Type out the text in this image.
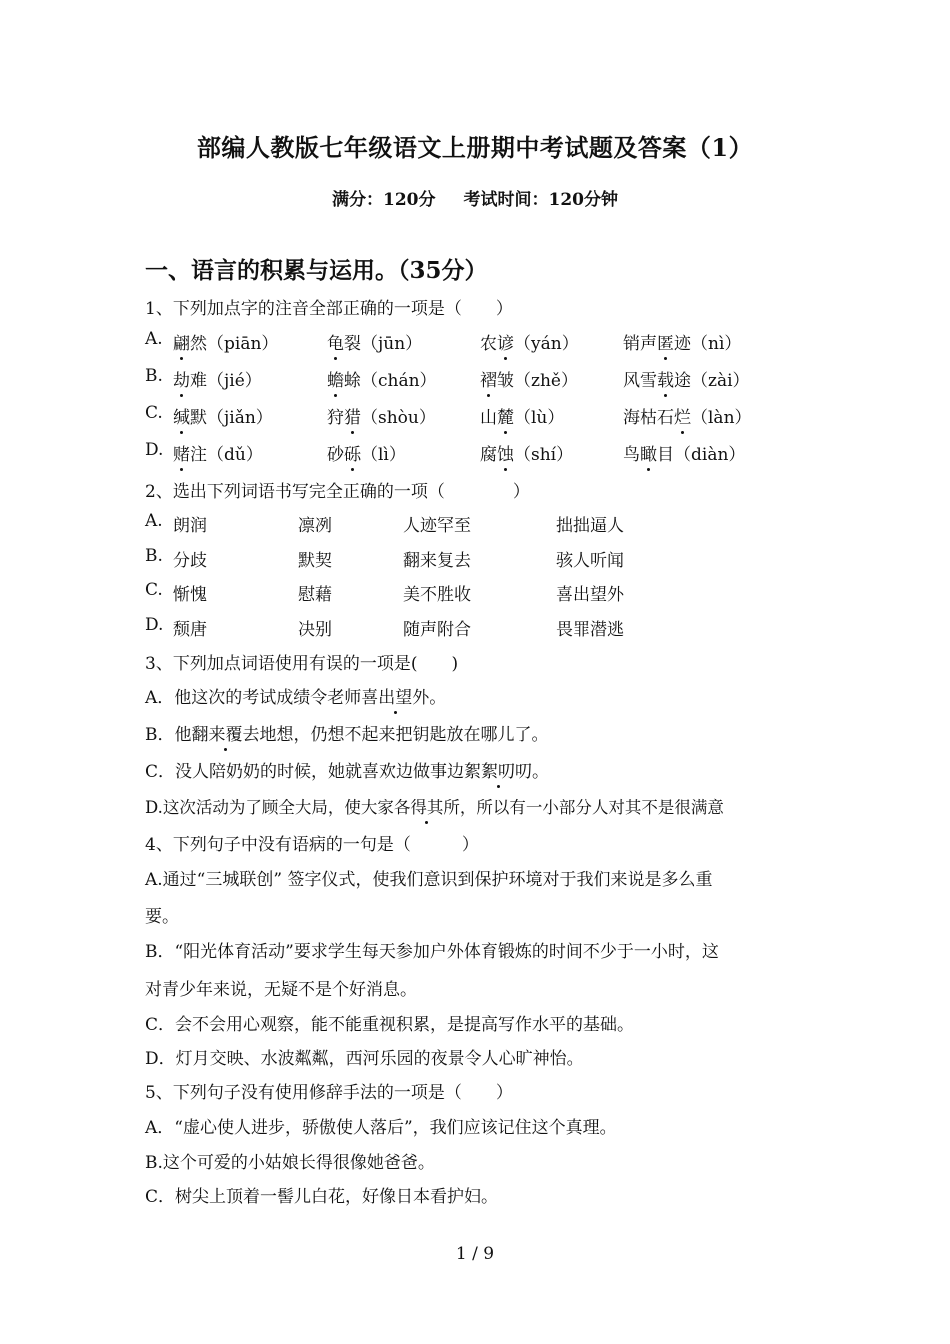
部编人教版七年级语文上册期中考试题及答案（1）
满分：120分 考试时间：120分钟
一、语言的积累与运用。（35分）
1、下列加点字的注音全部正确的一项是（　　）
A. 翩然（piān）	龟裂（jūn）	农谚（yán）	销声匿迹（nì）
B. 劫难（jié）	蟾蜍（chán）	褶皱（zhě）	风雪载途（zài）
C. 缄默（jiǎn）	狩猎（shòu）	山麓（lù）	海枯石烂（làn）
D. 赌注（dǔ）	砂砾（lì）	腐蚀（shí）	鸟瞰目（diàn）
2、选出下列词语书写完全正确的一项（　　　　）
A. 朗润	凛冽	人迹罕至	拙拙逼人
B. 分歧	默契	翻来复去	骇人听闻
C. 惭愧	慰藉	美不胜收	喜出望外
D. 颓唐	决别	随声附合	畏罪潜逃
3、下列加点词语使用有误的一项是(　　)
A．他这次的考试成绩令老师喜出望外。
B．他翻来覆去地想，仍想不起来把钥匙放在哪儿了。
C．没人陪奶奶的时候，她就喜欢边做事边絮絮叨叨。
D.这次活动为了顾全大局，使大家各得其所，所以有一小部分人对其不是很满意
4、下列句子中没有语病的一句是（　　　）
A.通过“三城联创” 签字仪式，使我们意识到保护环境对于我们来说是多么重
要。
B．“阳光体育活动”要求学生每天参加户外体育锻炼的时间不少于一小时，这
对青少年来说，无疑不是个好消息。
C．会不会用心观察，能不能重视积累，是提高写作水平的基础。
D．灯月交映、水波粼粼，西河乐园的夜景令人心旷神怡。
5、下列句子没有使用修辞手法的一项是（　　）
A．“虚心使人进步，骄傲使人落后”，我们应该记住这个真理。
B.这个可爱的小姑娘长得很像她爸爸。
C．树尖上顶着一髻儿白花，好像日本看护妇。
1 / 9
